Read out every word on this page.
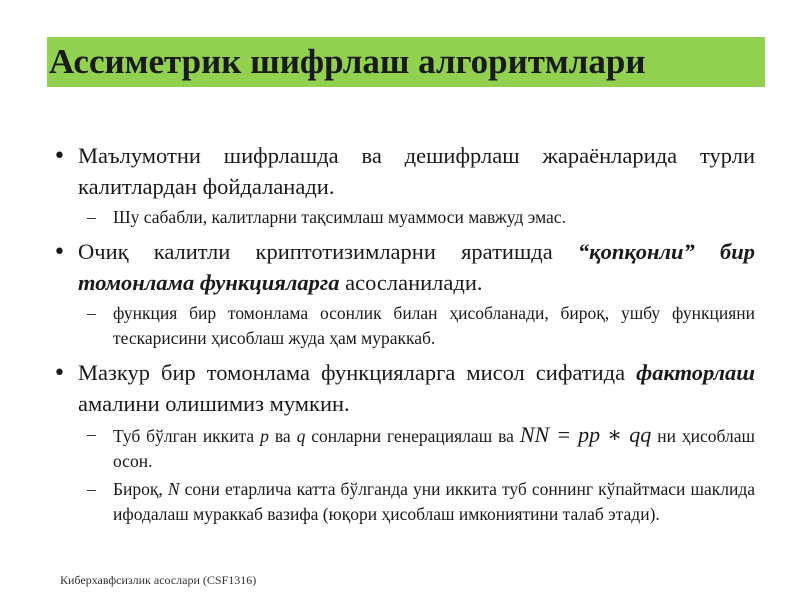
Ассиметрик шифрлаш алгоритмлари
• Маълумотни шифрлашда ва дешифрлаш жараёнларида турли калитлардан фойдаланади.
– Шу сабабли, калитларни тақсимлаш муаммоси мавжуд эмас.
• Очиқ калитли криптотизимларни яратишда “қопқонли” бир томонлама функцияларга асосланилади.
– функция бир томонлама осонлик билан ҳисобланади, бироқ, ушбу функцияни тескарисини ҳисоблаш жуда ҳам мураккаб.
• Мазкур бир томонлама функцияларга мисол сифатида факторлаш амалини олишимиз мумкин.
– Туб бўлган иккита p ва q сонларни генерациялаш ва NN = pp ∗ qq ни ҳисоблаш осон.
– Бироқ, N сони етарлича катта бўлганда уни иккита туб соннинг кўпайтмаси шаклида ифодалаш мураккаб вазифа (юқори ҳисоблаш имкониятини талаб этади).
Киберхавфсизлик асослари (CSF1316)
